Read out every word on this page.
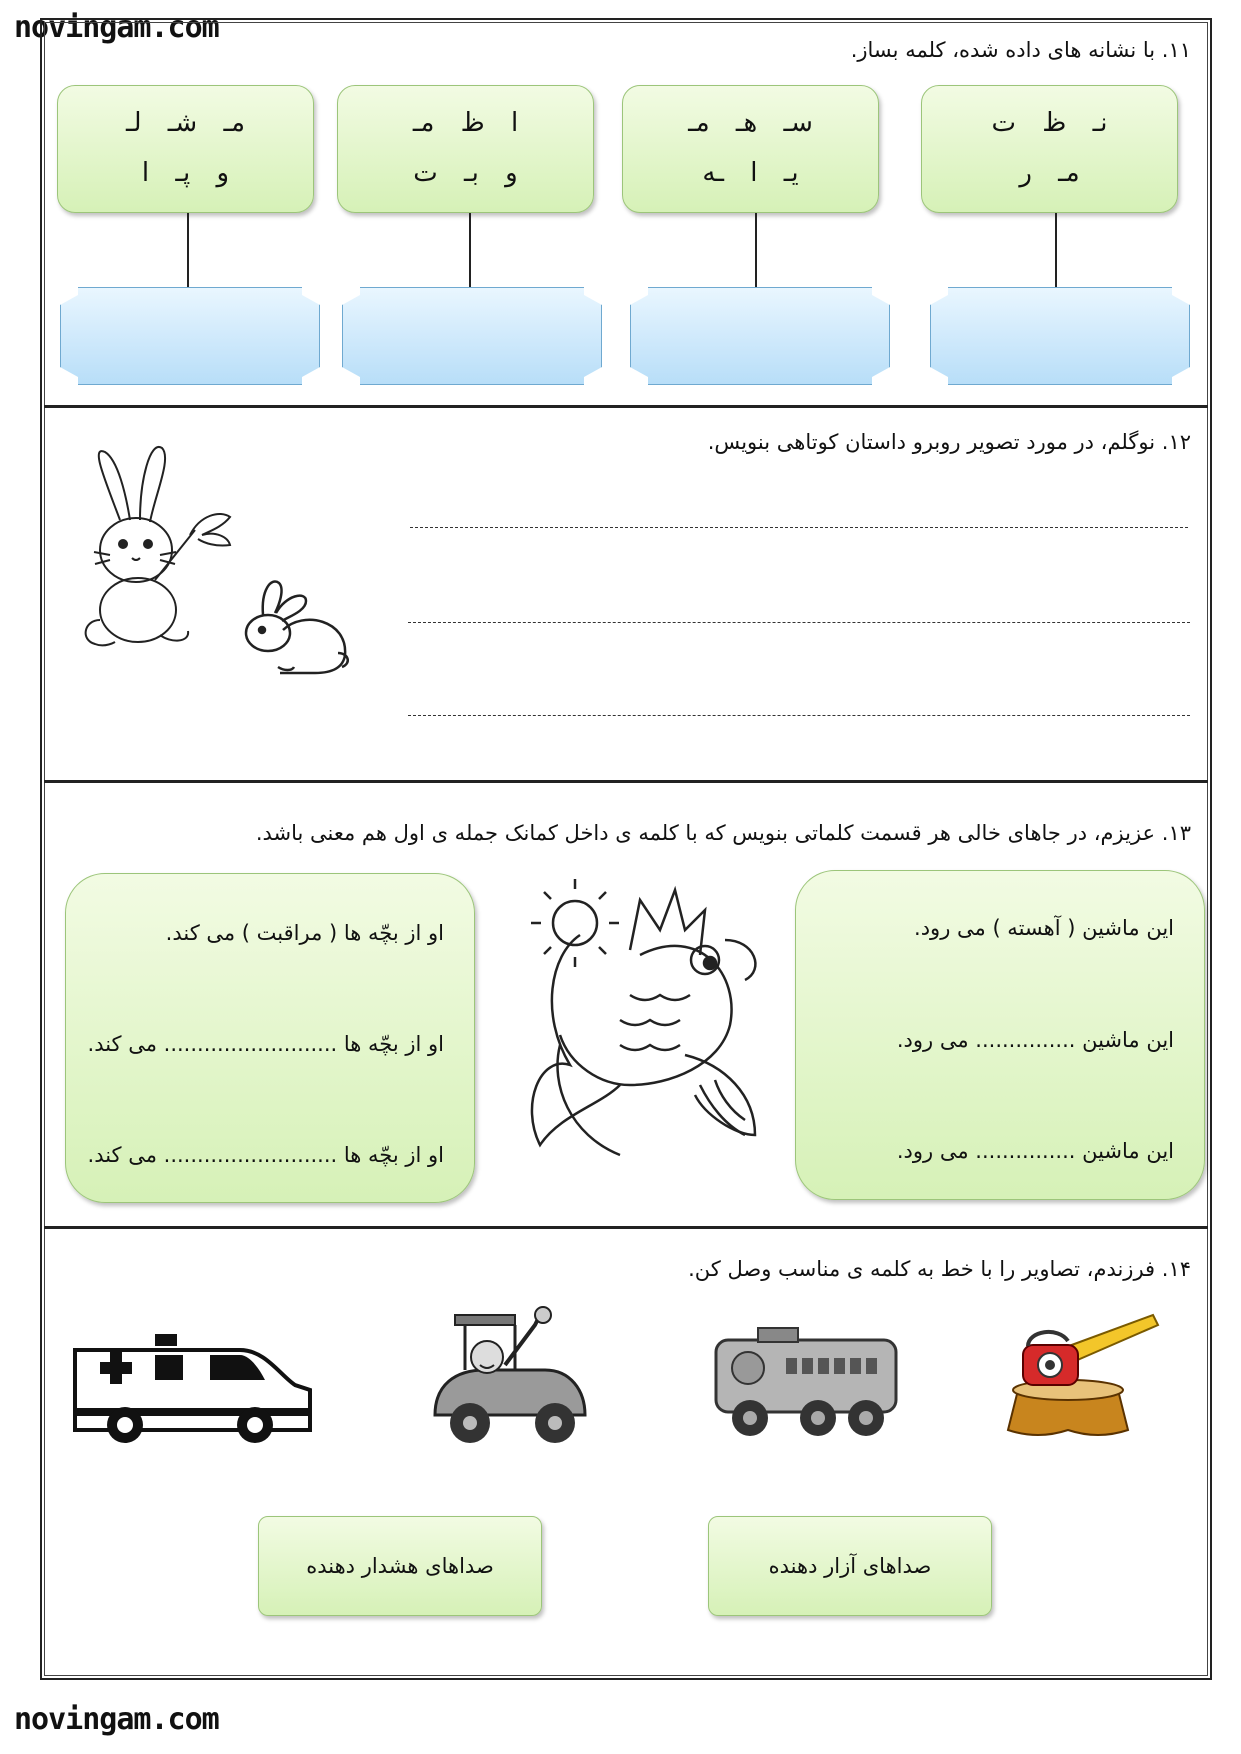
novingam.com
novingam.com
۱۱. با نشانه های داده شده، کلمه بساز.
نـ ظ ت
مـ ر
سـ هـ مـ
یـ ا ـه
ا ظ مـ
و بـ ت
مـ شـ لـ
و پـ ا
۱۲. نوگلم، در مورد تصویر روبرو داستان کوتاهی بنویس.
۱۳. عزیزم، در جاهای خالی هر قسمت کلماتی بنویس که با کلمه ی داخل کمانک جمله ی اول هم معنی باشد.
این ماشین ( آهسته ) می رود.
این ماشین ............... می رود.
این ماشین ............... می رود.
او از بچّه ها ( مراقبت ) می کند.
او از بچّه ها .......................... می کند.
او از بچّه ها .......................... می کند.
۱۴. فرزندم، تصاویر را با خط به کلمه ی مناسب وصل کن.
صداهای آزار دهنده
صداهای هشدار دهنده
